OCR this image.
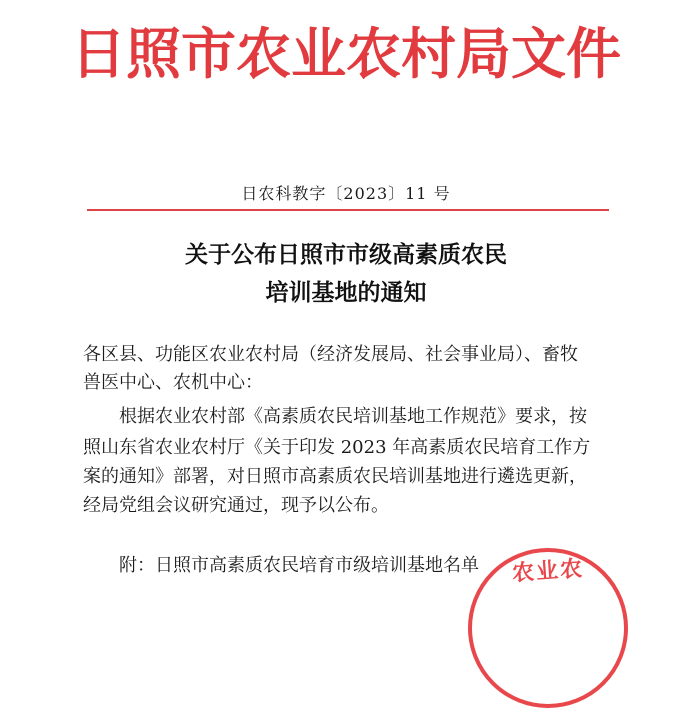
日照市农业农村局文件
日农科教字〔2023〕11 号
关于公布日照市市级高素质农民
培训基地的通知
各区县、功能区农业农村局（经济发展局、社会事业局）、畜牧
兽医中心、农机中心：
根据农业农村部《高素质农民培训基地工作规范》要求，按
照山东省农业农村厅《关于印发 2023 年高素质农民培育工作方
案的通知》部署，对日照市高素质农民培训基地进行遴选更新，
经局党组会议研究通过，现予以公布。
附：日照市高素质农民培育市级培训基地名单	农业农
